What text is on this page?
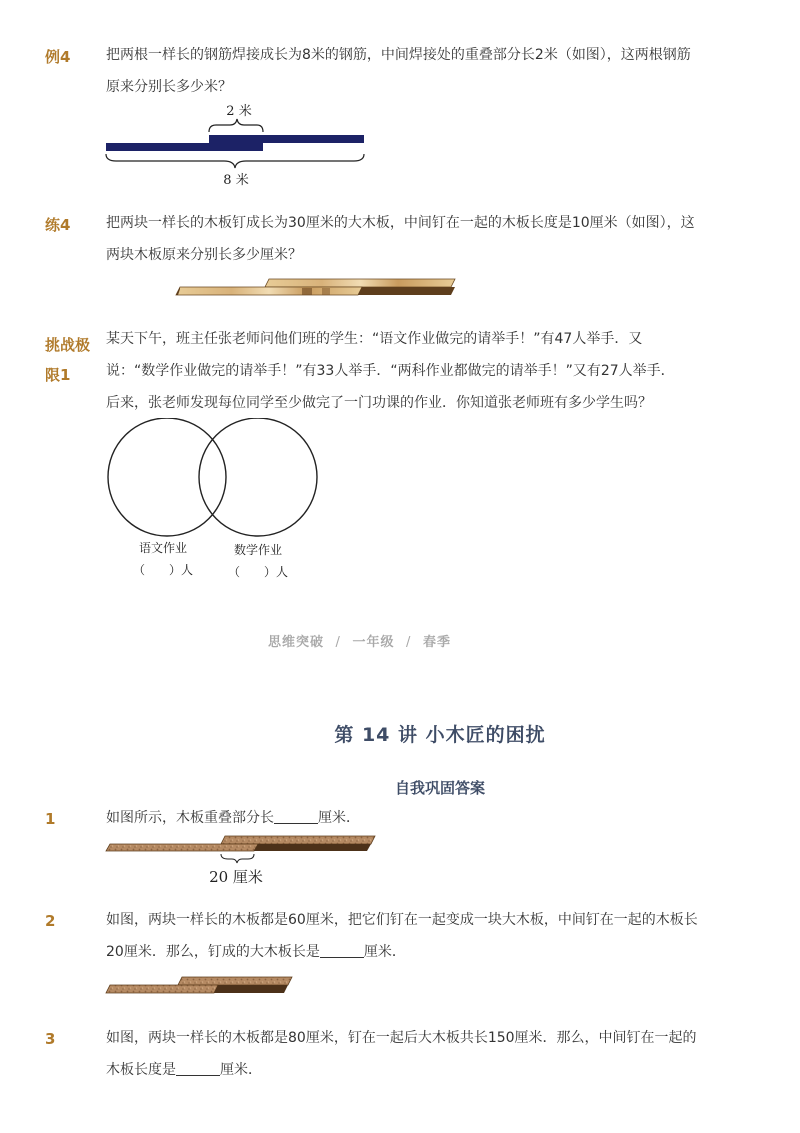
例4	把两根一样长的钢筋焊接成长为8米的钢筋，中间焊接处的重叠部分长2米（如图），这两根钢筋
原来分别长多少米？
2 米
8 米
练4	把两块一样长的木板钉成长为30厘米的大木板，中间钉在一起的木板长度是10厘米（如图），这
两块木板原来分别长多少厘米？
挑战极
限1
某天下午，班主任张老师问他们班的学生：“语文作业做完的请举手！”有47人举手．又
说：“数学作业做完的请举手！”有33人举手．“两科作业都做完的请举手！”又有27人举手．
后来，张老师发现每位同学至少做完了一门功课的作业．你知道张老师班有多少学生吗？
语文作业
（　　）人
数学作业
（　　）人
思维突破 / 一年级 / 春季
第 14 讲 小木匠的困扰
自我巩固答案
1	如图所示，木板重叠部分长	厘米．
20 厘米
2	如图，两块一样长的木板都是60厘米，把它们钉在一起变成一块大木板，中间钉在一起的木板长
20厘米．那么，钉成的大木板长是	厘米．
3	如图，两块一样长的木板都是80厘米，钉在一起后大木板共长150厘米．那么，中间钉在一起的
木板长度是	厘米．
